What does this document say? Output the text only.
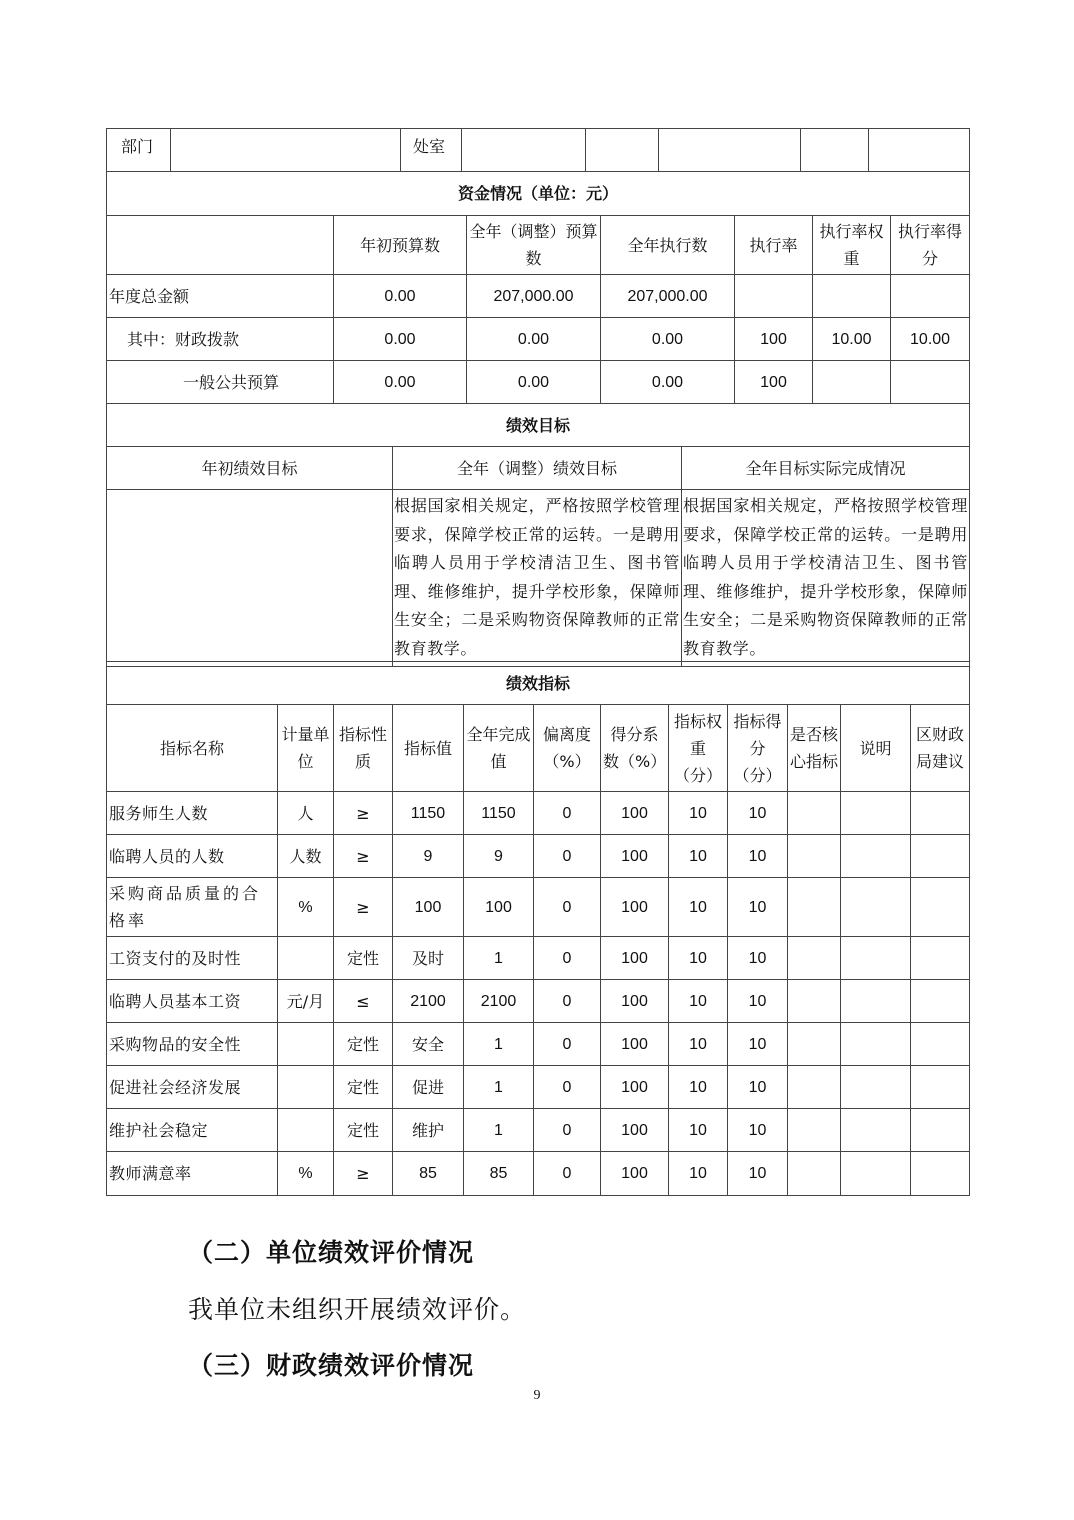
部门		处室					
资金情况（单位：元）						
	年初预算数	全年（调整）预算数	全年执行数	执行率	执行率权重	执行率得分
年度总金额	0.00	207,000.00	207,000.00			
其中：财政拨款	0.00	0.00	0.00	100	10.00	10.00
一般公共预算	0.00	0.00	0.00	100		
绩效目标		
年初绩效目标	全年（调整）绩效目标	全年目标实际完成情况
	根据国家相关规定，严格按照学校管理要求，保障学校正常的运转。一是聘用临聘人员用于学校清洁卫生、图书管理、维修维护，提升学校形象，保障师生安全；二是采购物资保障教师的正常教育教学。	根据国家相关规定，严格按照学校管理要求，保障学校正常的运转。一是聘用临聘人员用于学校清洁卫生、图书管理、维修维护，提升学校形象，保障师生安全；二是采购物资保障教师的正常教育教学。
绩效指标											
指标名称	计量单位	指标性质	指标值	全年完成值	偏离度（%）	得分系数（%）	指标权重（分）	指标得分（分）	是否核心指标	说明	区财政局建议
服务师生人数	人	≥	1150	1150	0	100	10	10			
临聘人员的人数	人数	≥	9	9	0	100	10	10			
采购商品质量的合格率	%	≥	100	100	0	100	10	10			
工资支付的及时性		定性	及时	1	0	100	10	10			
临聘人员基本工资	元/月	≤	2100	2100	0	100	10	10			
采购物品的安全性		定性	安全	1	0	100	10	10			
促进社会经济发展		定性	促进	1	0	100	10	10			
维护社会稳定		定性	维护	1	0	100	10	10			
教师满意率	%	≥	85	85	0	100	10	10			
（二）单位绩效评价情况
我单位未组织开展绩效评价。
（三）财政绩效评价情况
9
